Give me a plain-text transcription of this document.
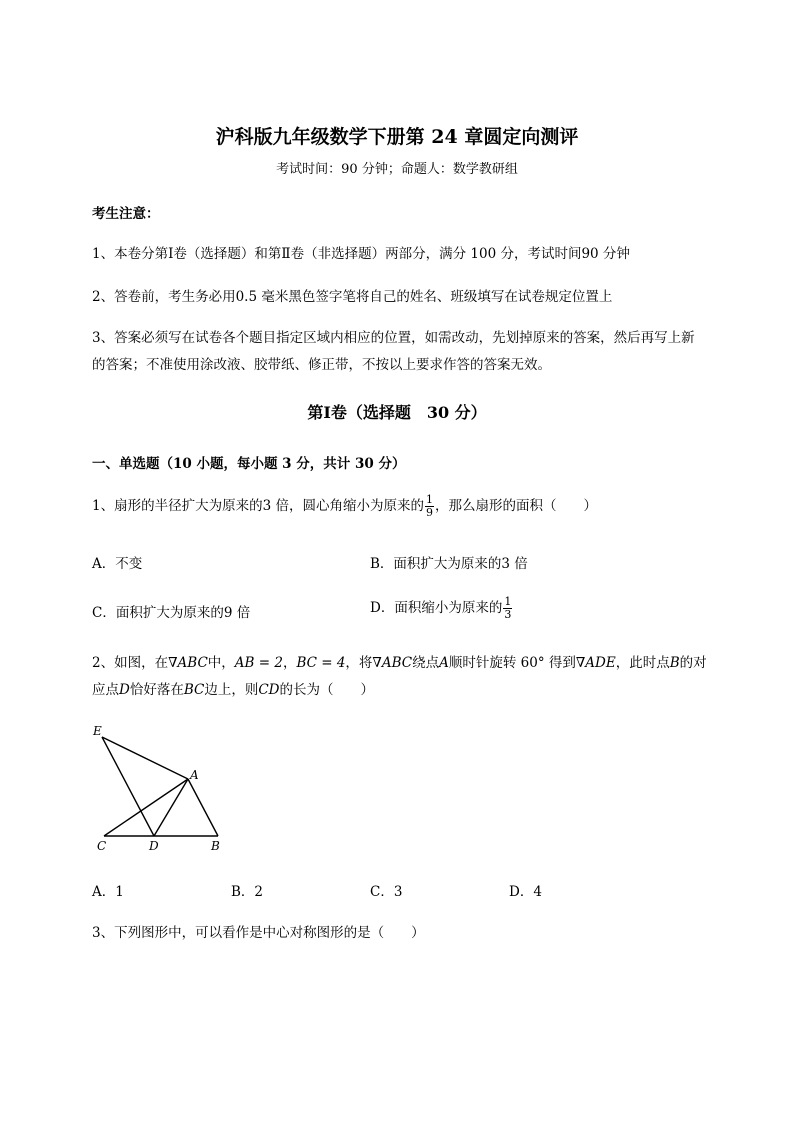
沪科版九年级数学下册第 24 章圆定向测评
考试时间：90 分钟；命题人：数学教研组
考生注意：
1、本卷分第Ⅰ卷（选择题）和第Ⅱ卷（非选择题）两部分，满分 100 分，考试时间90 分钟
2、答卷前，考生务必用0.5 毫米黑色签字笔将自己的姓名、班级填写在试卷规定位置上
3、答案必须写在试卷各个题目指定区域内相应的位置，如需改动，先划掉原来的答案，然后再写上新
的答案；不准使用涂改液、胶带纸、修正带，不按以上要求作答的答案无效。
第Ⅰ卷（选择题　30 分）
一、单选题（10 小题，每小题 3 分，共计 30 分）
1、扇形的半径扩大为原来的3 倍，圆心角缩小为原来的 $\frac{1}{9}$ ，那么扇形的面积（　　）
A．不变	B．面积扩大为原来的3 倍
C．面积扩大为原来的9 倍	D．面积缩小为原来的 $\frac{1}{3}$
2、如图，在∇ABC中，AB = 2，BC = 4，将∇ABC绕点A顺时针旋转 60° 得到∇ADE，此时点B的对
应点D恰好落在BC边上，则CD的长为（　　）
E
A
C	D	B
A．1	B．2	C．3	D．4
3、下列图形中，可以看作是中心对称图形的是（　　）
